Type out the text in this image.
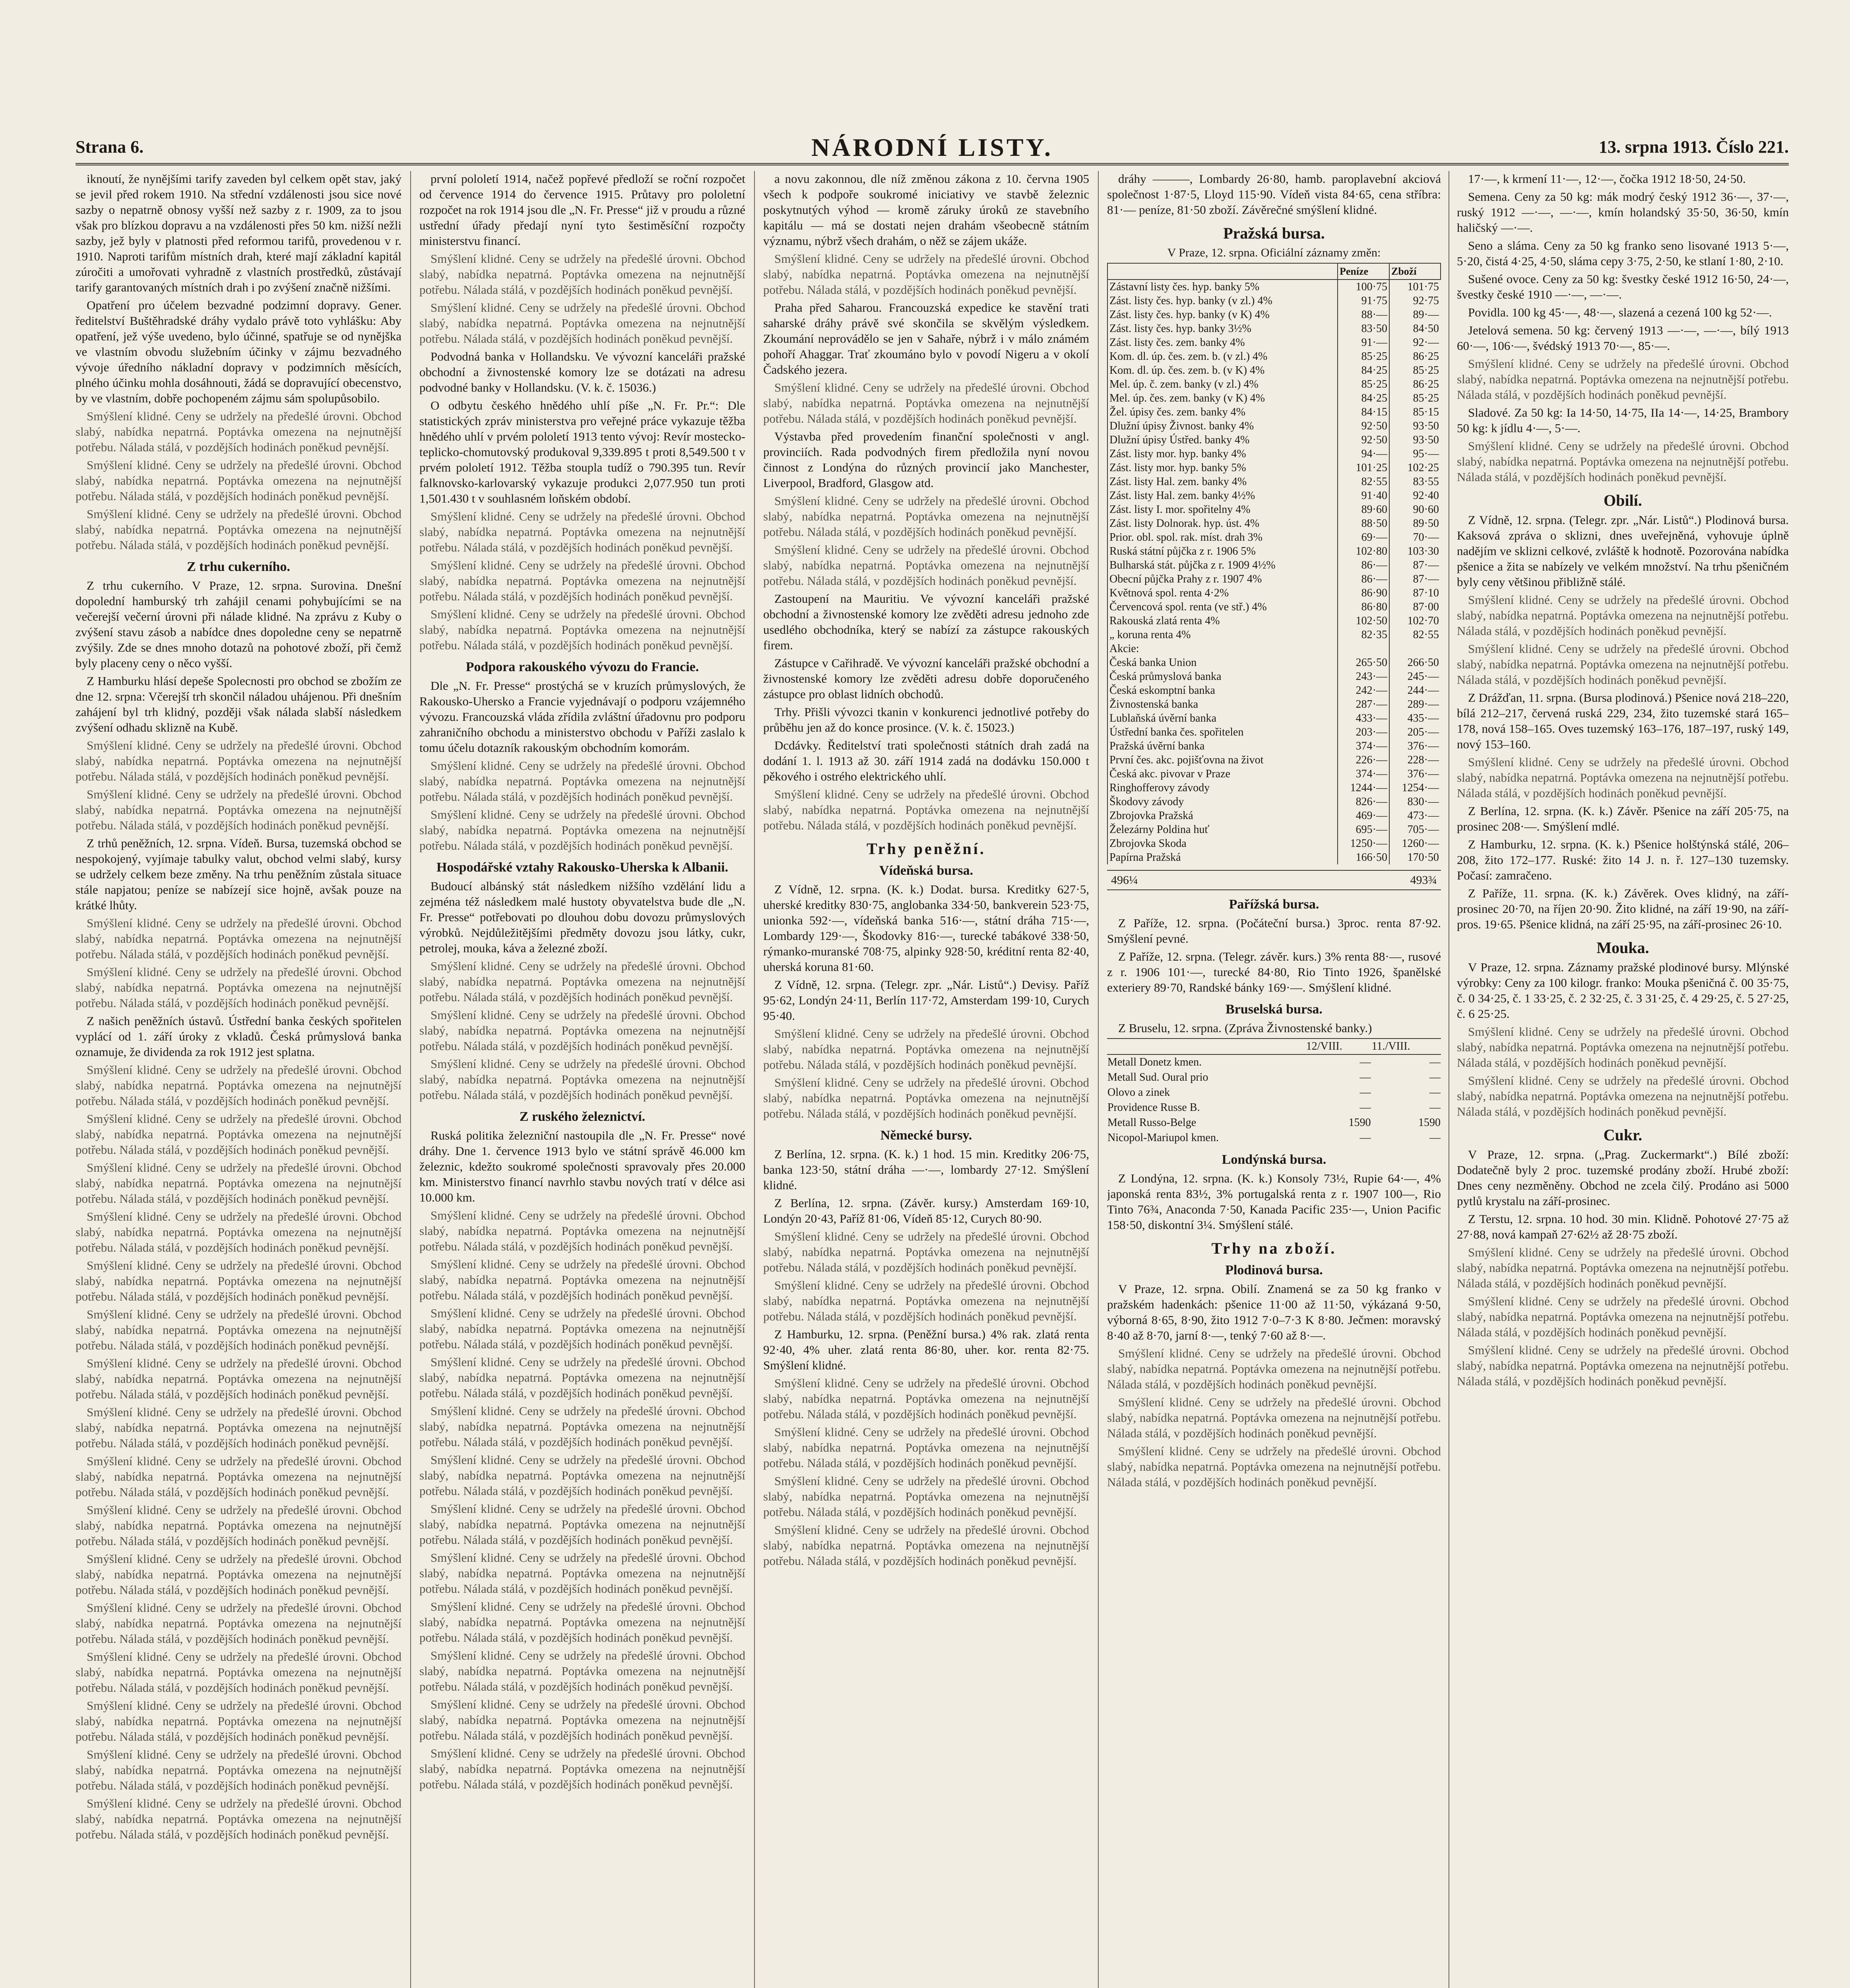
Strana 6.	NÁRODNÍ LISTY.	13. srpna 1913. Číslo 221.

iknoutí, že nynějšími tarify zaveden byl celkem opět stav, jaký se jevil před rokem 1910. Na střední vzdálenosti jsou sice nové sazby o nepatrně obnosy vyšší než sazby z r. 1909, za to jsou však pro blízkou dopravu a na vzdálenosti přes 50 km. nižší nežli sazby, jež byly v platnosti před reformou tarifů, provedenou v r. 1910. Naproti tarifům místních drah, které mají základní kapitál zúročiti a umořovati vyhradně z vlastních prostředků, zůstávají tarify garantovaných místních drah i po zvýšení značně nižšími.

Opatření pro účelem bezvadné podzimní dopravy. Gener. ředitelství Buštěhradské dráhy vydalo právě toto vyhlášku: Aby opatření, jež výše uvedeno, bylo účinné, spatřuje se od nynějška ve vlastním obvodu služebním účinky v zájmu bezvadného vývoje úředního nákladní dopravy v podzimních měsících, plného účinku mohla dosáhnouti, žádá se dopravující obecenstvo, by ve vlastním, dobře pochopeném zájmu sám spolupůsobilo.

Smýšlení klidné. Ceny se udržely na předešlé úrovni. Obchod slabý, nabídka nepatrná. Poptávka omezena na nejnutnější potřebu. Nálada stálá, v pozdějších hodinách poněkud pevnější.

Smýšlení klidné. Ceny se udržely na předešlé úrovni. Obchod slabý, nabídka nepatrná. Poptávka omezena na nejnutnější potřebu. Nálada stálá, v pozdějších hodinách poněkud pevnější.

Smýšlení klidné. Ceny se udržely na předešlé úrovni. Obchod slabý, nabídka nepatrná. Poptávka omezena na nejnutnější potřebu. Nálada stálá, v pozdějších hodinách poněkud pevnější.

Z trhu cukerního.

Z trhu cukerního. V Praze, 12. srpna. Surovina. Dnešní dopolední hamburský trh zahájil cenami pohybujícími se na večerejší večerní úrovni při nálade klidné. Na zprávu z Kuby o zvýšení stavu zásob a nabídce dnes dopoledne ceny se nepatrně zvýšily. Zde se dnes mnoho dotazů na pohotové zboží, při čemž byly placeny ceny o něco vyšší.

Z Hamburku hlásí depeše Spolecnosti pro obchod se zbožím ze dne 12. srpna: Včerejší trh skončil náladou uhájenou. Při dnešním zahájení byl trh klidný, později však nálada slabší následkem zvýšení odhadu sklizně na Kubě.

Smýšlení klidné. Ceny se udržely na předešlé úrovni. Obchod slabý, nabídka nepatrná. Poptávka omezena na nejnutnější potřebu. Nálada stálá, v pozdějších hodinách poněkud pevnější.

Smýšlení klidné. Ceny se udržely na předešlé úrovni. Obchod slabý, nabídka nepatrná. Poptávka omezena na nejnutnější potřebu. Nálada stálá, v pozdějších hodinách poněkud pevnější.

Z trhů peněžních, 12. srpna. Vídeň. Bursa, tuzemská obchod se nespokojený, vyjímaje tabulky valut, obchod velmi slabý, kursy se udržely celkem beze změny. Na trhu peněžním zůstala situace stále napjatou; peníze se nabízejí sice hojně, avšak pouze na krátké lhůty.

Smýšlení klidné. Ceny se udržely na předešlé úrovni. Obchod slabý, nabídka nepatrná. Poptávka omezena na nejnutnější potřebu. Nálada stálá, v pozdějších hodinách poněkud pevnější.

Smýšlení klidné. Ceny se udržely na předešlé úrovni. Obchod slabý, nabídka nepatrná. Poptávka omezena na nejnutnější potřebu. Nálada stálá, v pozdějších hodinách poněkud pevnější.

Z našich peněžních ústavů. Ústřední banka českých spořitelen vyplácí od 1. září úroky z vkladů. Česká průmyslová banka oznamuje, že dividenda za rok 1912 jest splatna.

Smýšlení klidné. Ceny se udržely na předešlé úrovni. Obchod slabý, nabídka nepatrná. Poptávka omezena na nejnutnější potřebu. Nálada stálá, v pozdějších hodinách poněkud pevnější.

Smýšlení klidné. Ceny se udržely na předešlé úrovni. Obchod slabý, nabídka nepatrná. Poptávka omezena na nejnutnější potřebu. Nálada stálá, v pozdějších hodinách poněkud pevnější.

Smýšlení klidné. Ceny se udržely na předešlé úrovni. Obchod slabý, nabídka nepatrná. Poptávka omezena na nejnutnější potřebu. Nálada stálá, v pozdějších hodinách poněkud pevnější.

Smýšlení klidné. Ceny se udržely na předešlé úrovni. Obchod slabý, nabídka nepatrná. Poptávka omezena na nejnutnější potřebu. Nálada stálá, v pozdějších hodinách poněkud pevnější.

Smýšlení klidné. Ceny se udržely na předešlé úrovni. Obchod slabý, nabídka nepatrná. Poptávka omezena na nejnutnější potřebu. Nálada stálá, v pozdějších hodinách poněkud pevnější.

Smýšlení klidné. Ceny se udržely na předešlé úrovni. Obchod slabý, nabídka nepatrná. Poptávka omezena na nejnutnější potřebu. Nálada stálá, v pozdějších hodinách poněkud pevnější.

Smýšlení klidné. Ceny se udržely na předešlé úrovni. Obchod slabý, nabídka nepatrná. Poptávka omezena na nejnutnější potřebu. Nálada stálá, v pozdějších hodinách poněkud pevnější.

Smýšlení klidné. Ceny se udržely na předešlé úrovni. Obchod slabý, nabídka nepatrná. Poptávka omezena na nejnutnější potřebu. Nálada stálá, v pozdějších hodinách poněkud pevnější.

Smýšlení klidné. Ceny se udržely na předešlé úrovni. Obchod slabý, nabídka nepatrná. Poptávka omezena na nejnutnější potřebu. Nálada stálá, v pozdějších hodinách poněkud pevnější.

Smýšlení klidné. Ceny se udržely na předešlé úrovni. Obchod slabý, nabídka nepatrná. Poptávka omezena na nejnutnější potřebu. Nálada stálá, v pozdějších hodinách poněkud pevnější.

Smýšlení klidné. Ceny se udržely na předešlé úrovni. Obchod slabý, nabídka nepatrná. Poptávka omezena na nejnutnější potřebu. Nálada stálá, v pozdějších hodinách poněkud pevnější.

Smýšlení klidné. Ceny se udržely na předešlé úrovni. Obchod slabý, nabídka nepatrná. Poptávka omezena na nejnutnější potřebu. Nálada stálá, v pozdějších hodinách poněkud pevnější.

Smýšlení klidné. Ceny se udržely na předešlé úrovni. Obchod slabý, nabídka nepatrná. Poptávka omezena na nejnutnější potřebu. Nálada stálá, v pozdějších hodinách poněkud pevnější.

Smýšlení klidné. Ceny se udržely na předešlé úrovni. Obchod slabý, nabídka nepatrná. Poptávka omezena na nejnutnější potřebu. Nálada stálá, v pozdějších hodinách poněkud pevnější.

Smýšlení klidné. Ceny se udržely na předešlé úrovni. Obchod slabý, nabídka nepatrná. Poptávka omezena na nejnutnější potřebu. Nálada stálá, v pozdějších hodinách poněkud pevnější.

Smýšlení klidné. Ceny se udržely na předešlé úrovni. Obchod slabý, nabídka nepatrná. Poptávka omezena na nejnutnější potřebu. Nálada stálá, v pozdějších hodinách poněkud pevnější.

první pololetí 1914, načež popřevé předloží se roční rozpočet od července 1914 do července 1915. Průtavy pro pololetní rozpočet na rok 1914 jsou dle „N. Fr. Presse“ již v proudu a různé ustřední úřady předají nyní tyto šestiměsíční rozpočty ministerstvu financí.

Smýšlení klidné. Ceny se udržely na předešlé úrovni. Obchod slabý, nabídka nepatrná. Poptávka omezena na nejnutnější potřebu. Nálada stálá, v pozdějších hodinách poněkud pevnější.

Smýšlení klidné. Ceny se udržely na předešlé úrovni. Obchod slabý, nabídka nepatrná. Poptávka omezena na nejnutnější potřebu. Nálada stálá, v pozdějších hodinách poněkud pevnější.

Podvodná banka v Hollandsku. Ve vývozní kanceláři pražské obchodní a živnostenské komory lze se dotázati na adresu podvodné banky v Hollandsku. (V. k. č. 15036.)

O odbytu českého hnědého uhlí píše „N. Fr. Pr.“: Dle statistických zpráv ministerstva pro veřejné práce vykazuje těžba hnědého uhlí v prvém pololetí 1913 tento vývoj: Revír mostecko-teplicko-chomutovský produkoval 9,339.895 t proti 8,549.500 t v prvém pololetí 1912. Těžba stoupla tudíž o 790.395 tun. Revír falknovsko-karlovarský vykazuje produkci 2,077.950 tun proti 1,501.430 t v souhlasném loňském období.

Smýšlení klidné. Ceny se udržely na předešlé úrovni. Obchod slabý, nabídka nepatrná. Poptávka omezena na nejnutnější potřebu. Nálada stálá, v pozdějších hodinách poněkud pevnější.

Smýšlení klidné. Ceny se udržely na předešlé úrovni. Obchod slabý, nabídka nepatrná. Poptávka omezena na nejnutnější potřebu. Nálada stálá, v pozdějších hodinách poněkud pevnější.

Smýšlení klidné. Ceny se udržely na předešlé úrovni. Obchod slabý, nabídka nepatrná. Poptávka omezena na nejnutnější potřebu. Nálada stálá, v pozdějších hodinách poněkud pevnější.

Podpora rakouského vývozu do Francie.

Dle „N. Fr. Presse“ prostýchá se v kruzích průmyslových, že Rakousko-Uhersko a Francie vyjednávají o podporu vzájemného vývozu. Francouzská vláda zřídila zvláštní úřadovnu pro podporu zahraničního obchodu a ministerstvo obchodu v Paříži zaslalo k tomu účelu dotazník rakouským obchodním komorám.

Smýšlení klidné. Ceny se udržely na předešlé úrovni. Obchod slabý, nabídka nepatrná. Poptávka omezena na nejnutnější potřebu. Nálada stálá, v pozdějších hodinách poněkud pevnější.

Smýšlení klidné. Ceny se udržely na předešlé úrovni. Obchod slabý, nabídka nepatrná. Poptávka omezena na nejnutnější potřebu. Nálada stálá, v pozdějších hodinách poněkud pevnější.

Hospodářské vztahy Rakousko-Uherska k Albanii.

Budoucí albánský stát následkem nižšího vzdělání lidu a zejména též následkem malé hustoty obyvatelstva bude dle „N. Fr. Presse“ potřebovati po dlouhou dobu dovozu průmyslových výrobků. Nejdůležitějšími předměty dovozu jsou látky, cukr, petrolej, mouka, káva a železné zboží.

Smýšlení klidné. Ceny se udržely na předešlé úrovni. Obchod slabý, nabídka nepatrná. Poptávka omezena na nejnutnější potřebu. Nálada stálá, v pozdějších hodinách poněkud pevnější.

Smýšlení klidné. Ceny se udržely na předešlé úrovni. Obchod slabý, nabídka nepatrná. Poptávka omezena na nejnutnější potřebu. Nálada stálá, v pozdějších hodinách poněkud pevnější.

Smýšlení klidné. Ceny se udržely na předešlé úrovni. Obchod slabý, nabídka nepatrná. Poptávka omezena na nejnutnější potřebu. Nálada stálá, v pozdějších hodinách poněkud pevnější.

Z ruského železnictví.

Ruská politika železniční nastoupila dle „N. Fr. Presse“ nové dráhy. Dne 1. července 1913 bylo ve státní správě 46.000 km železnic, kdežto soukromé společnosti spravovaly přes 20.000 km. Ministerstvo financí navrhlo stavbu nových tratí v délce asi 10.000 km.

Smýšlení klidné. Ceny se udržely na předešlé úrovni. Obchod slabý, nabídka nepatrná. Poptávka omezena na nejnutnější potřebu. Nálada stálá, v pozdějších hodinách poněkud pevnější.

Smýšlení klidné. Ceny se udržely na předešlé úrovni. Obchod slabý, nabídka nepatrná. Poptávka omezena na nejnutnější potřebu. Nálada stálá, v pozdějších hodinách poněkud pevnější.

Smýšlení klidné. Ceny se udržely na předešlé úrovni. Obchod slabý, nabídka nepatrná. Poptávka omezena na nejnutnější potřebu. Nálada stálá, v pozdějších hodinách poněkud pevnější.

Smýšlení klidné. Ceny se udržely na předešlé úrovni. Obchod slabý, nabídka nepatrná. Poptávka omezena na nejnutnější potřebu. Nálada stálá, v pozdějších hodinách poněkud pevnější.

Smýšlení klidné. Ceny se udržely na předešlé úrovni. Obchod slabý, nabídka nepatrná. Poptávka omezena na nejnutnější potřebu. Nálada stálá, v pozdějších hodinách poněkud pevnější.

Smýšlení klidné. Ceny se udržely na předešlé úrovni. Obchod slabý, nabídka nepatrná. Poptávka omezena na nejnutnější potřebu. Nálada stálá, v pozdějších hodinách poněkud pevnější.

Smýšlení klidné. Ceny se udržely na předešlé úrovni. Obchod slabý, nabídka nepatrná. Poptávka omezena na nejnutnější potřebu. Nálada stálá, v pozdějších hodinách poněkud pevnější.

Smýšlení klidné. Ceny se udržely na předešlé úrovni. Obchod slabý, nabídka nepatrná. Poptávka omezena na nejnutnější potřebu. Nálada stálá, v pozdějších hodinách poněkud pevnější.

Smýšlení klidné. Ceny se udržely na předešlé úrovni. Obchod slabý, nabídka nepatrná. Poptávka omezena na nejnutnější potřebu. Nálada stálá, v pozdějších hodinách poněkud pevnější.

Smýšlení klidné. Ceny se udržely na předešlé úrovni. Obchod slabý, nabídka nepatrná. Poptávka omezena na nejnutnější potřebu. Nálada stálá, v pozdějších hodinách poněkud pevnější.

Smýšlení klidné. Ceny se udržely na předešlé úrovni. Obchod slabý, nabídka nepatrná. Poptávka omezena na nejnutnější potřebu. Nálada stálá, v pozdějších hodinách poněkud pevnější.

Smýšlení klidné. Ceny se udržely na předešlé úrovni. Obchod slabý, nabídka nepatrná. Poptávka omezena na nejnutnější potřebu. Nálada stálá, v pozdějších hodinách poněkud pevnější.

a novu zakonnou, dle níž změnou zákona z 10. června 1905 všech k podpoře soukromé iniciativy ve stavbě železnic poskytnutých výhod — kromě záruky úroků ze stavebního kapitálu — má se dostati nejen drahám všeobecně státním významu, nýbrž všech drahám, o něž se zájem ukáže.

Smýšlení klidné. Ceny se udržely na předešlé úrovni. Obchod slabý, nabídka nepatrná. Poptávka omezena na nejnutnější potřebu. Nálada stálá, v pozdějších hodinách poněkud pevnější.

Praha před Saharou. Francouzská expedice ke stavění trati saharské dráhy právě své skončila se skvělým výsledkem. Zkoumání neprovádělo se jen v Sahaře, nýbrž i v málo známém pohoří Ahaggar. Trať zkoumáno bylo v povodí Nigeru a v okolí Čadského jezera.

Smýšlení klidné. Ceny se udržely na předešlé úrovni. Obchod slabý, nabídka nepatrná. Poptávka omezena na nejnutnější potřebu. Nálada stálá, v pozdějších hodinách poněkud pevnější.

Výstavba před provedením finanční společnosti v angl. provinciích. Rada podvodných firem předložila nyní novou činnost z Londýna do různých provincií jako Manchester, Liverpool, Bradford, Glasgow atd.

Smýšlení klidné. Ceny se udržely na předešlé úrovni. Obchod slabý, nabídka nepatrná. Poptávka omezena na nejnutnější potřebu. Nálada stálá, v pozdějších hodinách poněkud pevnější.

Smýšlení klidné. Ceny se udržely na předešlé úrovni. Obchod slabý, nabídka nepatrná. Poptávka omezena na nejnutnější potřebu. Nálada stálá, v pozdějších hodinách poněkud pevnější.

Zastoupení na Mauritiu. Ve vývozní kanceláři pražské obchodní a živnostenské komory lze zvěděti adresu jednoho zde usedlého obchodníka, který se nabízí za zástupce rakouských firem.

Zástupce v Cařihradě. Ve vývozní kanceláři pražské obchodní a živnostenské komory lze zvěděti adresu dobře doporučeného zástupce pro oblast lidních obchodů.

Trhy. Přišli vývozci tkanin v konkurenci jednotlivé potřeby do průběhu jen až do konce prosince. (V. k. č. 15023.)

Dcdávky. Ředitelství trati společnosti státních drah zadá na dodání 1. l. 1913 až 30. září 1914 zadá na dodávku 150.000 t pěkového i ostrého elektrického uhlí.

Smýšlení klidné. Ceny se udržely na předešlé úrovni. Obchod slabý, nabídka nepatrná. Poptávka omezena na nejnutnější potřebu. Nálada stálá, v pozdějších hodinách poněkud pevnější.

Trhy peněžní.
Vídeňská bursa.

Z Vídně, 12. srpna. (K. k.) Dodat. bursa. Kreditky 627·5, uherské kreditky 830·75, anglobanka 334·50, bankverein 523·75, unionka 592·—, vídeňská banka 516·—, státní dráha 715·—, Lombardy 129·—, Škodovky 816·—, turecké tabákové 338·50, rýmanko-muranské 708·75, alpinky 928·50, kréditní renta 82·40, uherská koruna 81·60.

Z Vídně, 12. srpna. (Telegr. zpr. „Nár. Listů“.) Devisy. Paříž 95·62, Londýn 24·11, Berlín 117·72, Amsterdam 199·10, Curych 95·40.

Smýšlení klidné. Ceny se udržely na předešlé úrovni. Obchod slabý, nabídka nepatrná. Poptávka omezena na nejnutnější potřebu. Nálada stálá, v pozdějších hodinách poněkud pevnější.

Smýšlení klidné. Ceny se udržely na předešlé úrovni. Obchod slabý, nabídka nepatrná. Poptávka omezena na nejnutnější potřebu. Nálada stálá, v pozdějších hodinách poněkud pevnější.

Německé bursy.

Z Berlína, 12. srpna. (K. k.) 1 hod. 15 min. Kreditky 206·75, banka 123·50, státní dráha —·—, lombardy 27·12. Smýšlení klidné.

Z Berlína, 12. srpna. (Závěr. kursy.) Amsterdam 169·10, Londýn 20·43, Paříž 81·06, Vídeň 85·12, Curych 80·90.

Smýšlení klidné. Ceny se udržely na předešlé úrovni. Obchod slabý, nabídka nepatrná. Poptávka omezena na nejnutnější potřebu. Nálada stálá, v pozdějších hodinách poněkud pevnější.

Smýšlení klidné. Ceny se udržely na předešlé úrovni. Obchod slabý, nabídka nepatrná. Poptávka omezena na nejnutnější potřebu. Nálada stálá, v pozdějších hodinách poněkud pevnější.

Z Hamburku, 12. srpna. (Peněžní bursa.) 4% rak. zlatá renta 92·40, 4% uher. zlatá renta 86·80, uher. kor. renta 82·75. Smýšlení klidné.

Smýšlení klidné. Ceny se udržely na předešlé úrovni. Obchod slabý, nabídka nepatrná. Poptávka omezena na nejnutnější potřebu. Nálada stálá, v pozdějších hodinách poněkud pevnější.

Smýšlení klidné. Ceny se udržely na předešlé úrovni. Obchod slabý, nabídka nepatrná. Poptávka omezena na nejnutnější potřebu. Nálada stálá, v pozdějších hodinách poněkud pevnější.

Smýšlení klidné. Ceny se udržely na předešlé úrovni. Obchod slabý, nabídka nepatrná. Poptávka omezena na nejnutnější potřebu. Nálada stálá, v pozdějších hodinách poněkud pevnější.

Smýšlení klidné. Ceny se udržely na předešlé úrovni. Obchod slabý, nabídka nepatrná. Poptávka omezena na nejnutnější potřebu. Nálada stálá, v pozdějších hodinách poněkud pevnější.

dráhy ———, Lombardy 26·80, hamb. paroplavební akciová společnost 1·87·5, Lloyd 115·90. Vídeň vista 84·65, cena stříbra: 81·— peníze, 81·50 zboží. Závěrečné smýšlení klidné.

Pražská bursa.
V Praze, 12. srpna. Oficiální záznamy změn:
	Peníze	Zboží
Zástavní listy čes. hyp. banky 5%	100·75	101·75
Zást. listy čes. hyp. banky (v zl.) 4%	91·75	92·75
Zást. listy čes. hyp. banky (v K) 4%	88·—	89·—
Zást. listy čes. hyp. banky 3½%	83·50	84·50
Zást. listy čes. zem. banky 4%	91·—	92·—
Kom. dl. úp. čes. zem. b. (v zl.) 4%	85·25	86·25
Kom. dl. úp. čes. zem. b. (v K) 4%	84·25	85·25
Mel. úp. č. zem. banky (v zl.) 4%	85·25	86·25
Mel. úp. čes. zem. banky (v K) 4%	84·25	85·25
Žel. úpisy čes. zem. banky 4%	84·15	85·15
Dlužní úpisy Živnost. banky 4%	92·50	93·50
Dlužní úpisy Ústřed. banky 4%	92·50	93·50
Zást. listy mor. hyp. banky 4%	94·—	95·—
Zást. listy mor. hyp. banky 5%	101·25	102·25
Zást. listy Hal. zem. banky 4%	82·55	83·55
Zást. listy Hal. zem. banky 4½%	91·40	92·40
Zást. listy I. mor. spořitelny 4%	89·60	90·60
Zást. listy Dolnorak. hyp. úst. 4%	88·50	89·50
Prior. obl. spol. rak. míst. drah 3%	69·—	70·—
Ruská státní půjčka z r. 1906 5%	102·80	103·30
Bulharská stát. půjčka z r. 1909 4½%	86·—	87·—
Obecní půjčka Prahy z r. 1907 4%	86·—	87·—
Květnová spol. renta 4·2%	86·90	87·10
Červencová spol. renta (ve stř.) 4%	86·80	87·00
Rakouská zlatá renta 4%	102·50	102·70
„ koruna renta 4%	82·35	82·55
Akcie:		
Česká banka Union	265·50	266·50
Česká průmyslová banka	243·—	245·—
Česká eskomptní banka	242·—	244·—
Živnostenská banka	287·—	289·—
Lublaňská úvěrní banka	433·—	435·—
Ústřední banka čes. spořitelen	203·—	205·—
Pražská úvěrní banka	374·—	376·—
První čes. akc. pojišťovna na život	226·—	228·—
Česká akc. pivovar v Praze	374·—	376·—
Ringhofferovy závody	1244·—	1254·—
Škodovy závody	826·—	830·—
Zbrojovka Pražská	469·—	473·—
Železárny Poldina huť	695·—	705·—
Zbrojovka Skoda	1250·—	1260·—
Papírna Pražská	166·50	170·50
496¼	493¾
Pařížská bursa.

Z Paříže, 12. srpna. (Počáteční bursa.) 3proc. renta 87·92. Smýšlení pevné.

Z Paříže, 12. srpna. (Telegr. závěr. kurs.) 3% renta 88·—, rusové z r. 1906 101·—, turecké 84·80, Rio Tinto 1926, španělské exteriery 89·70, Randské bánky 169·—. Smýšlení klidné.

Bruselská bursa.

Z Bruselu, 12. srpna. (Zpráva Živnostenské banky.)

	12/VIII.	11./VIII.
Metall Donetz kmen.	—	—
Metall Sud. Oural prio	—	—
Olovo a zinek	—	—
Providence Russe B.	—	—
Metall Russo-Belge	1590	1590
Nicopol-Mariupol kmen.	—	—
Londýnská bursa.

Z Londýna, 12. srpna. (K. k.) Konsoly 73½, Rupie 64·—, 4% japonská renta 83½, 3% portugalská renta z r. 1907 100—, Rio Tinto 76¾, Anaconda 7·50, Kanada Pacific 235·—, Union Pacific 158·50, diskontní 3¼. Smýšlení stálé.

Trhy na zboží.
Plodinová bursa.

V Praze, 12. srpna. Obilí. Znamená se za 50 kg franko v pražském hadenkách: pšenice 11·00 až 11·50, výkázaná 9·50, výborná 8·65, 8·90, žito 1912 7·0–7·3 K 8·80. Ječmen: moravský 8·40 až 8·70, jarní 8·—, tenký 7·60 až 8·—.

Smýšlení klidné. Ceny se udržely na předešlé úrovni. Obchod slabý, nabídka nepatrná. Poptávka omezena na nejnutnější potřebu. Nálada stálá, v pozdějších hodinách poněkud pevnější.

Smýšlení klidné. Ceny se udržely na předešlé úrovni. Obchod slabý, nabídka nepatrná. Poptávka omezena na nejnutnější potřebu. Nálada stálá, v pozdějších hodinách poněkud pevnější.

Smýšlení klidné. Ceny se udržely na předešlé úrovni. Obchod slabý, nabídka nepatrná. Poptávka omezena na nejnutnější potřebu. Nálada stálá, v pozdějších hodinách poněkud pevnější.

17·—, k krmení 11·—, 12·—, čočka 1912 18·50, 24·50.

Semena. Ceny za 50 kg: mák modrý český 1912 36·—, 37·—, ruský 1912 —·—, —·—, kmín holandský 35·50, 36·50, kmín haličský —·—.

Seno a sláma. Ceny za 50 kg franko seno lisované 1913 5·—, 5·20, čistá 4·25, 4·50, sláma cepy 3·75, 2·50, ke stlaní 1·80, 2·10.

Sušené ovoce. Ceny za 50 kg: švestky české 1912 16·50, 24·—, švestky české 1910 —·—, —·—.

Povidla. 100 kg 45·—, 48·—, slazená a cezená 100 kg 52·—.

Jetelová semena. 50 kg: červený 1913 —·—, —·—, bílý 1913 60·—, 106·—, švédský 1913 70·—, 85·—.

Smýšlení klidné. Ceny se udržely na předešlé úrovni. Obchod slabý, nabídka nepatrná. Poptávka omezena na nejnutnější potřebu. Nálada stálá, v pozdějších hodinách poněkud pevnější.

Sladové. Za 50 kg: Ia 14·50, 14·75, IIa 14·—, 14·25, Brambory 50 kg: k jídlu 4·—, 5·—.

Smýšlení klidné. Ceny se udržely na předešlé úrovni. Obchod slabý, nabídka nepatrná. Poptávka omezena na nejnutnější potřebu. Nálada stálá, v pozdějších hodinách poněkud pevnější.

Obilí.

Z Vídně, 12. srpna. (Telegr. zpr. „Nár. Listů“.) Plodinová bursa. Kaksová zpráva o sklizni, dnes uveřejněná, vyhovuje úplně nadějím ve sklizni celkové, zvláště k hodnotě. Pozorována nabídka pšenice a žita se nabízely ve velkém množství. Na trhu pšeničném byly ceny většinou přibližně stálé.

Smýšlení klidné. Ceny se udržely na předešlé úrovni. Obchod slabý, nabídka nepatrná. Poptávka omezena na nejnutnější potřebu. Nálada stálá, v pozdějších hodinách poněkud pevnější.

Smýšlení klidné. Ceny se udržely na předešlé úrovni. Obchod slabý, nabídka nepatrná. Poptávka omezena na nejnutnější potřebu. Nálada stálá, v pozdějších hodinách poněkud pevnější.

Z Drážďan, 11. srpna. (Bursa plodinová.) Pšenice nová 218–220, bílá 212–217, červená ruská 229, 234, žito tuzemské stará 165–178, nová 158–165. Oves tuzemský 163–176, 187–197, ruský 149, nový 153–160.

Smýšlení klidné. Ceny se udržely na předešlé úrovni. Obchod slabý, nabídka nepatrná. Poptávka omezena na nejnutnější potřebu. Nálada stálá, v pozdějších hodinách poněkud pevnější.

Z Berlína, 12. srpna. (K. k.) Závěr. Pšenice na září 205·75, na prosinec 208·—. Smýšlení mdlé.

Z Hamburku, 12. srpna. (K. k.) Pšenice holštýnská stálé, 206–208, žito 172–177. Ruské: žito 14 J. n. ř. 127–130 tuzemsky. Počasí: zamračeno.

Z Paříže, 11. srpna. (K. k.) Závěrek. Oves klidný, na září-prosinec 20·70, na říjen 20·90. Žito klidné, na září 19·90, na září-pros. 19·65. Pšenice klidná, na září 25·95, na září-prosinec 26·10.

Mouka.

V Praze, 12. srpna. Záznamy pražské plodinové bursy. Mlýnské výrobky: Ceny za 100 kilogr. franko: Mouka pšeničná č. 00 35·75, č. 0 34·25, č. 1 33·25, č. 2 32·25, č. 3 31·25, č. 4 29·25, č. 5 27·25, č. 6 25·25.

Smýšlení klidné. Ceny se udržely na předešlé úrovni. Obchod slabý, nabídka nepatrná. Poptávka omezena na nejnutnější potřebu. Nálada stálá, v pozdějších hodinách poněkud pevnější.

Smýšlení klidné. Ceny se udržely na předešlé úrovni. Obchod slabý, nabídka nepatrná. Poptávka omezena na nejnutnější potřebu. Nálada stálá, v pozdějších hodinách poněkud pevnější.

Cukr.

V Praze, 12. srpna. („Prag. Zuckermarkt“.) Bílé zboží: Dodatečně byly 2 proc. tuzemské prodány zboží. Hrubé zboží: Dnes ceny nezměněny. Obchod ne zcela čilý. Prodáno asi 5000 pytlů krystalu na září-prosinec.

Z Terstu, 12. srpna. 10 hod. 30 min. Klidně. Pohotové 27·75 až 27·88, nová kampaň 27·62½ až 28·75 zboží.

Smýšlení klidné. Ceny se udržely na předešlé úrovni. Obchod slabý, nabídka nepatrná. Poptávka omezena na nejnutnější potřebu. Nálada stálá, v pozdějších hodinách poněkud pevnější.

Smýšlení klidné. Ceny se udržely na předešlé úrovni. Obchod slabý, nabídka nepatrná. Poptávka omezena na nejnutnější potřebu. Nálada stálá, v pozdějších hodinách poněkud pevnější.

Smýšlení klidné. Ceny se udržely na předešlé úrovni. Obchod slabý, nabídka nepatrná. Poptávka omezena na nejnutnější potřebu. Nálada stálá, v pozdějších hodinách poněkud pevnější.
